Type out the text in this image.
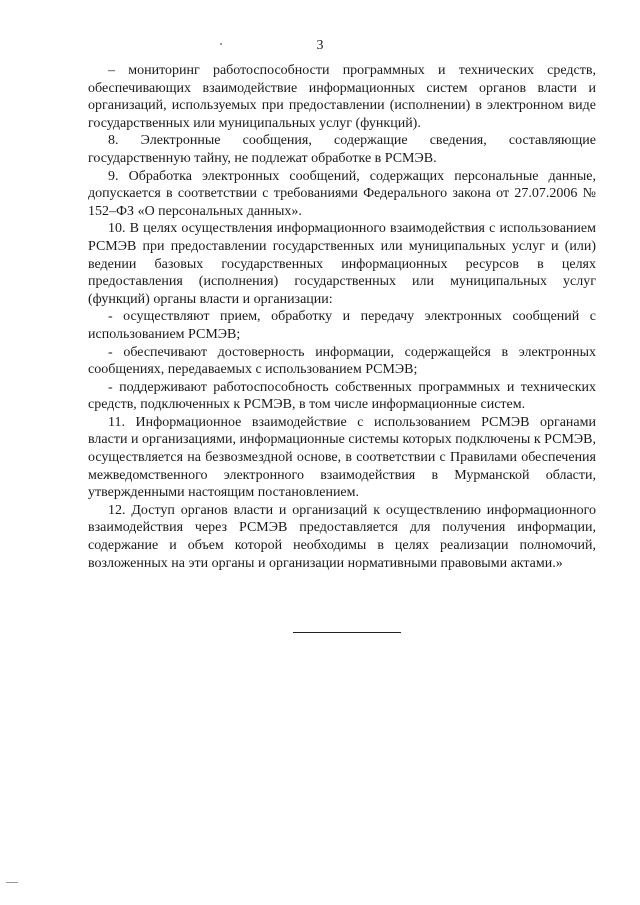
3

– мониторинг работоспособности программных и технических средств, обеспечивающих взаимодействие информационных систем органов власти и организаций, используемых при предоставлении (исполнении) в электронном виде государственных или муниципальных услуг (функций).

8. Электронные сообщения, содержащие сведения, составляющие государственную тайну, не подлежат обработке в РСМЭВ.

9. Обработка электронных сообщений, содержащих персональные данные, допускается в соответствии с требованиями Федерального закона от 27.07.2006 № 152–ФЗ «О персональных данных».

10. В целях осуществления информационного взаимодействия с использованием РСМЭВ при предоставлении государственных или муниципальных услуг и (или) ведении базовых государственных информационных ресурсов в целях предоставления (исполнения) государственных или муниципальных услуг (функций) органы власти и организации:

- осуществляют прием, обработку и передачу электронных сообщений с использованием РСМЭВ;

- обеспечивают достоверность информации, содержащейся в электронных сообщениях, передаваемых с использованием РСМЭВ;

- поддерживают работоспособность собственных программных и технических средств, подключенных к РСМЭВ, в том числе информационные систем.

11. Информационное взаимодействие с использованием РСМЭВ органами власти и организациями, информационные системы которых подключены к РСМЭВ, осуществляется на безвозмездной основе, в соответствии с Правилами обеспечения межведомственного электронного взаимодействия в Мурманской области, утвержденными настоящим постановлением.

12. Доступ органов власти и организаций к осуществлению информационного взаимодействия через РСМЭВ предоставляется для получения информации, содержание и объем которой необходимы в целях реализации полномочий, возложенных на эти органы и организации нормативными правовыми актами.»
